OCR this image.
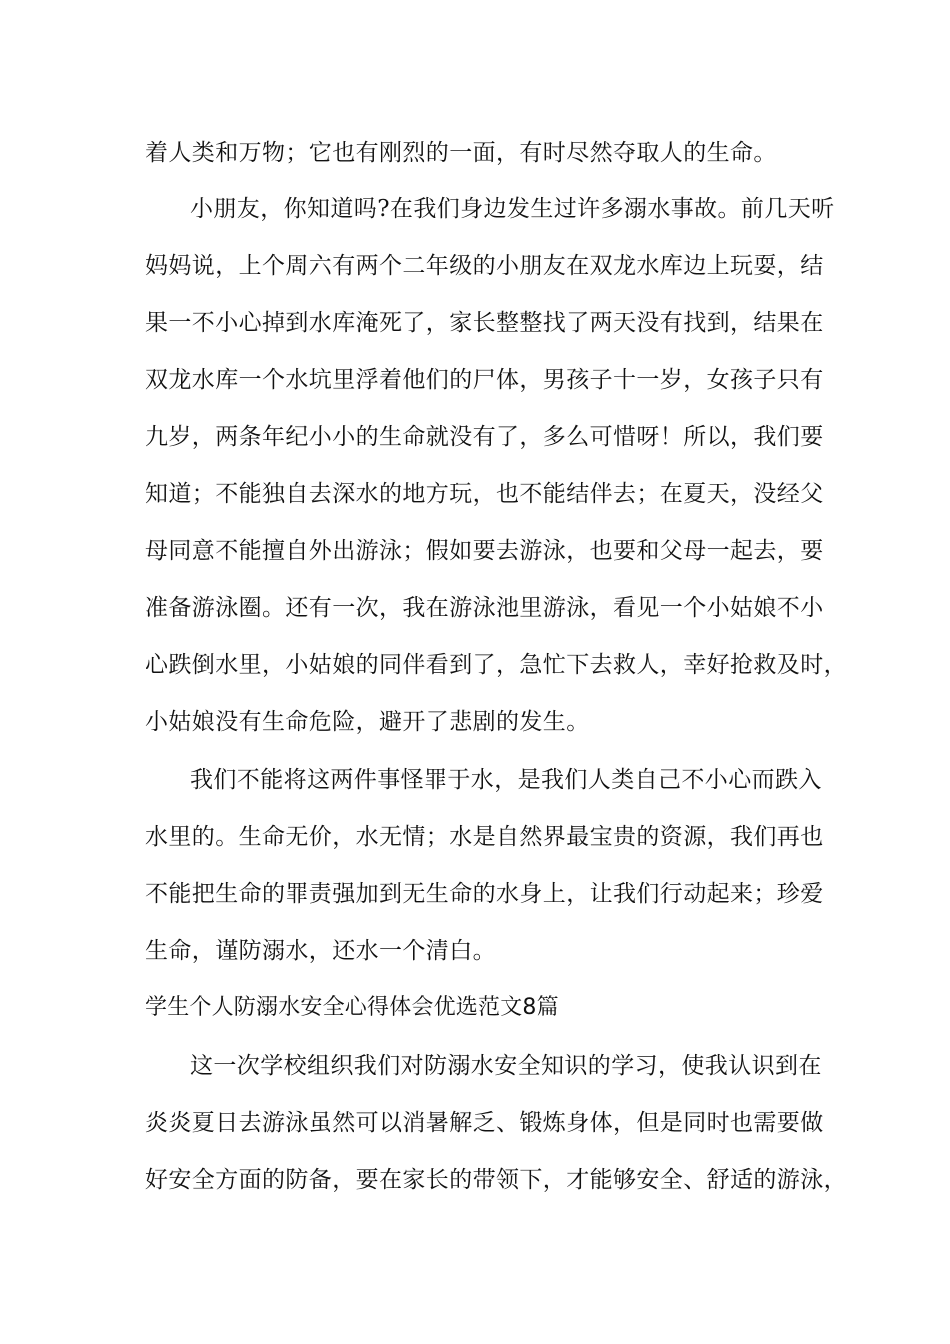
着人类和万物；它也有刚烈的一面，有时尽然夺取人的生命。
小朋友，你知道吗?在我们身边发生过许多溺水事故。前几天听
妈妈说，上个周六有两个二年级的小朋友在双龙水库边上玩耍，结
果一不小心掉到水库淹死了，家长整整找了两天没有找到，结果在
双龙水库一个水坑里浮着他们的尸体，男孩子十一岁，女孩子只有
九岁，两条年纪小小的生命就没有了，多么可惜呀！所以，我们要
知道；不能独自去深水的地方玩，也不能结伴去；在夏天，没经父
母同意不能擅自外出游泳；假如要去游泳，也要和父母一起去，要
准备游泳圈。还有一次，我在游泳池里游泳，看见一个小姑娘不小
心跌倒水里，小姑娘的同伴看到了，急忙下去救人，幸好抢救及时，
小姑娘没有生命危险，避开了悲剧的发生。
我们不能将这两件事怪罪于水，是我们人类自己不小心而跌入
水里的。生命无价，水无情；水是自然界最宝贵的资源，我们再也
不能把生命的罪责强加到无生命的水身上，让我们行动起来；珍爱
生命，谨防溺水，还水一个清白。
学生个人防溺水安全心得体会优选范文8篇
这一次学校组织我们对防溺水安全知识的学习，使我认识到在
炎炎夏日去游泳虽然可以消暑解乏、锻炼身体，但是同时也需要做
好安全方面的防备，要在家长的带领下，才能够安全、舒适的游泳，
